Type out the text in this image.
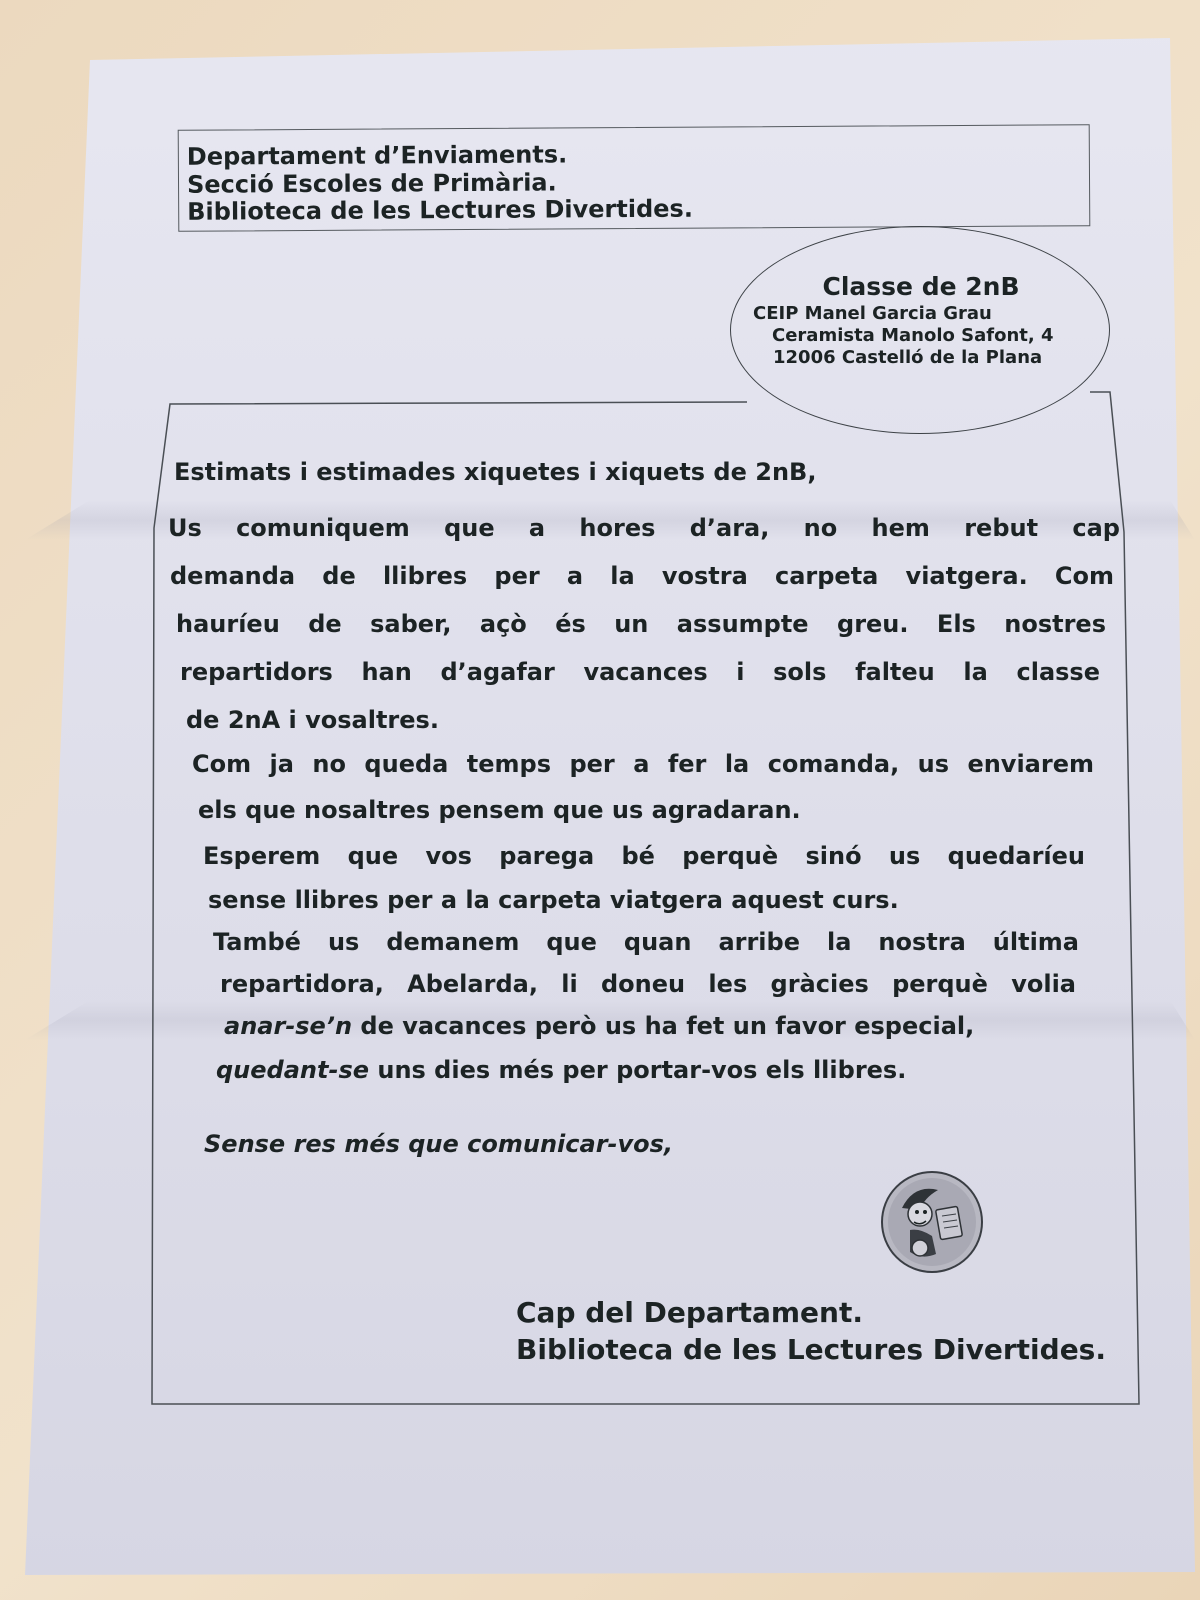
Departament d’Enviaments.
Secció Escoles de Primària.
Biblioteca de les Lectures Divertides.
Classe de 2nB
CEIP Manel Garcia Grau
Ceramista Manolo Safont, 4
12006 Castelló de la Plana
Estimats i estimades xiquetes i xiquets de 2nB,
Us comuniquem que a hores d’ara, no hem rebut cap
demanda de llibres per a la vostra carpeta viatgera. Com
hauríeu de saber, açò és un assumpte greu. Els nostres
repartidors han d’agafar vacances i sols falteu la classe
de 2nA i vosaltres.
Com ja no queda temps per a fer la comanda, us enviarem
els que nosaltres pensem que us agradaran.
Esperem que vos parega bé perquè sinó us quedaríeu
sense llibres per a la carpeta viatgera aquest curs.
També us demanem que quan arribe la nostra última
repartidora, Abelarda, li doneu les gràcies perquè volia
anar-se’n de vacances però us ha fet un favor especial,
quedant-se uns dies més per portar-vos els llibres.
Sense res més que comunicar-vos,
Cap del Departament.
Biblioteca de les Lectures Divertides.
